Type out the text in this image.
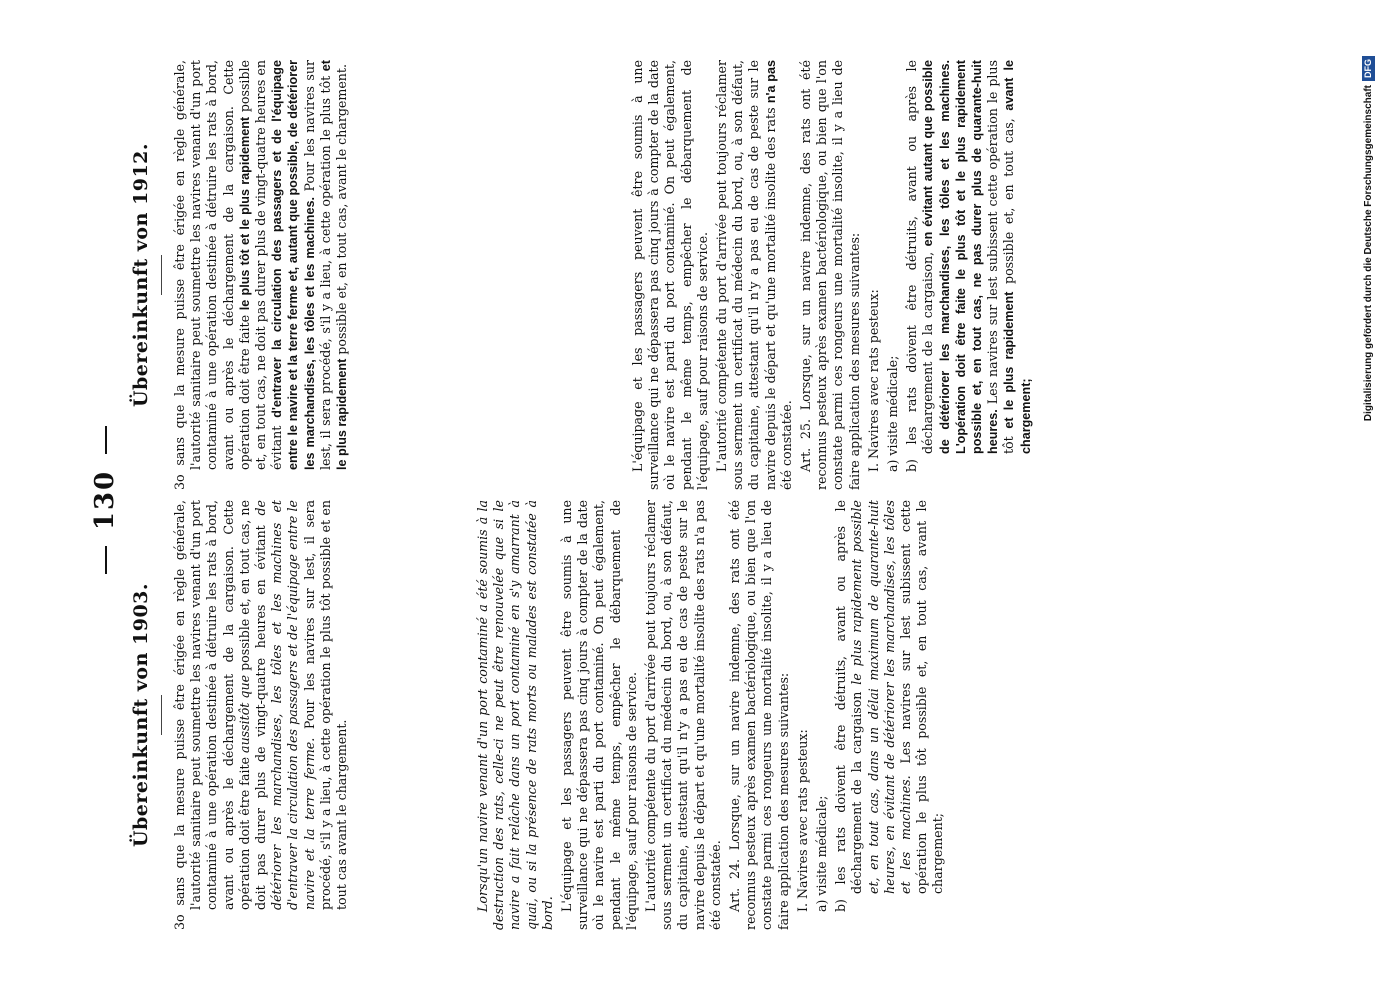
130
Übereinkunft von 1903.

3o sans que la mesure puisse être érigée en règle générale, l'autorité sanitaire peut soumettre les navires venant d'un port contaminé à une opération destinée à détruire les rats à bord, avant ou après le déchargement de la cargaison. Cette opération doit être faite aussitôt que possible et, en tout cas, ne doit pas durer plus de vingt-quatre heures en évitant de détériorer les marchandises, les tôles et les machines et d'entraver la circulation des passagers et de l'équipage entre le navire et la terre ferme. Pour les navires sur lest, il sera procédé, s'il y a lieu, à cette opération le plus tôt possible et en tout cas avant le chargement.	Lorsqu'un navire venant d'un port contaminé a été soumis à la destruction des rats, celle-ci ne peut être renouvelée que si le navire a fait relâche dans un port contaminé en s'y amarrant à quai, ou si la présence de rats morts ou malades est constatée à bord.

L'équipage et les passagers peuvent être soumis à une surveillance qui ne dépassera pas cinq jours à compter de la date où le navire est parti du port contaminé. On peut également, pendant le même temps, empêcher le débarquement de l'équipage, sauf pour raisons de service. L'autorité compétente du port d'arrivée peut toujours réclamer sous serment un certificat du médecin du bord, ou, à son défaut, du capitaine, attestant qu'il n'y a pas eu de cas de peste sur le navire depuis le départ et qu'une mortalité insolite des rats n'a pas été constatée. Art. 24. Lorsque, sur un navire indemne, des rats ont été reconnus pesteux après examen bactériologique, ou bien que l'on constate parmi ces rongeurs une mortalité insolite, il y a lieu de faire application des mesures suivantes: I. Navires avec rats pesteux: a) visite médicale; b) les rats doivent être détruits, avant ou après le déchargement de la cargaison le plus rapidement possible et, en tout cas, dans un délai maximum de quarante-huit heures, en évitant de détériorer les marchandises, les tôles et les machines. Les navires sur lest subissent cette opération le plus tôt possible et, en tout cas, avant le chargement;

Übereinkunft von 1912.

3o sans que la mesure puisse être érigée en règle générale, l'autorité sanitaire peut soumettre les navires venant d'un port contaminé à une opération destinée à détruire les rats à bord, avant ou après le déchargement de la cargaison. Cette opération doit être faite le plus tôt et le plus rapidement possible et, en tout cas, ne doit pas durer plus de vingt-quatre heures en évitant d'entraver la circulation des passagers et de l'équipage entre le navire et la terre ferme et, autant que possible, de détériorer les marchandises, les tôles et les machines. Pour les navires sur lest, il sera procédé, s'il y a lieu, à cette opération le plus tôt et le plus rapidement possible et, en tout cas, avant le chargement.	L'équipage et les passagers peuvent être soumis à une surveillance qui ne dépassera pas cinq jours à compter de la date où le navire est parti du port contaminé. On peut également, pendant le même temps, empêcher le débarquement de l'équipage, sauf pour raisons de service. L'autorité compétente du port d'arrivée peut toujours réclamer sous serment un certificat du médecin du bord, ou, à son défaut, du capitaine, attestant qu'il n'y a pas eu de cas de peste sur le navire depuis le départ et qu'une mortalité insolite des rats n'a pas été constatée. Art. 25. Lorsque, sur un navire indemne, des rats ont été reconnus pesteux après examen bactériologique, ou bien que l'on constate parmi ces rongeurs une mortalité insolite, il y a lieu de faire application des mesures suivantes: I. Navires avec rats pesteux: a) visite médicale; b) les rats doivent être détruits, avant ou après le déchargement de la cargaison, en évitant autant que possible de détériorer les marchandises, les tôles et les machines. L'opération doit être faite le plus tôt et le plus rapidement possible et, en tout cas, ne pas durer plus de quarante-huit heures. Les navires sur lest subissent cette opération le plus tôt et le plus rapidement possible et, en tout cas, avant le chargement;	Digitalisierung gefördert durch die Deutsche ForschungsgemeinschaftDFG
